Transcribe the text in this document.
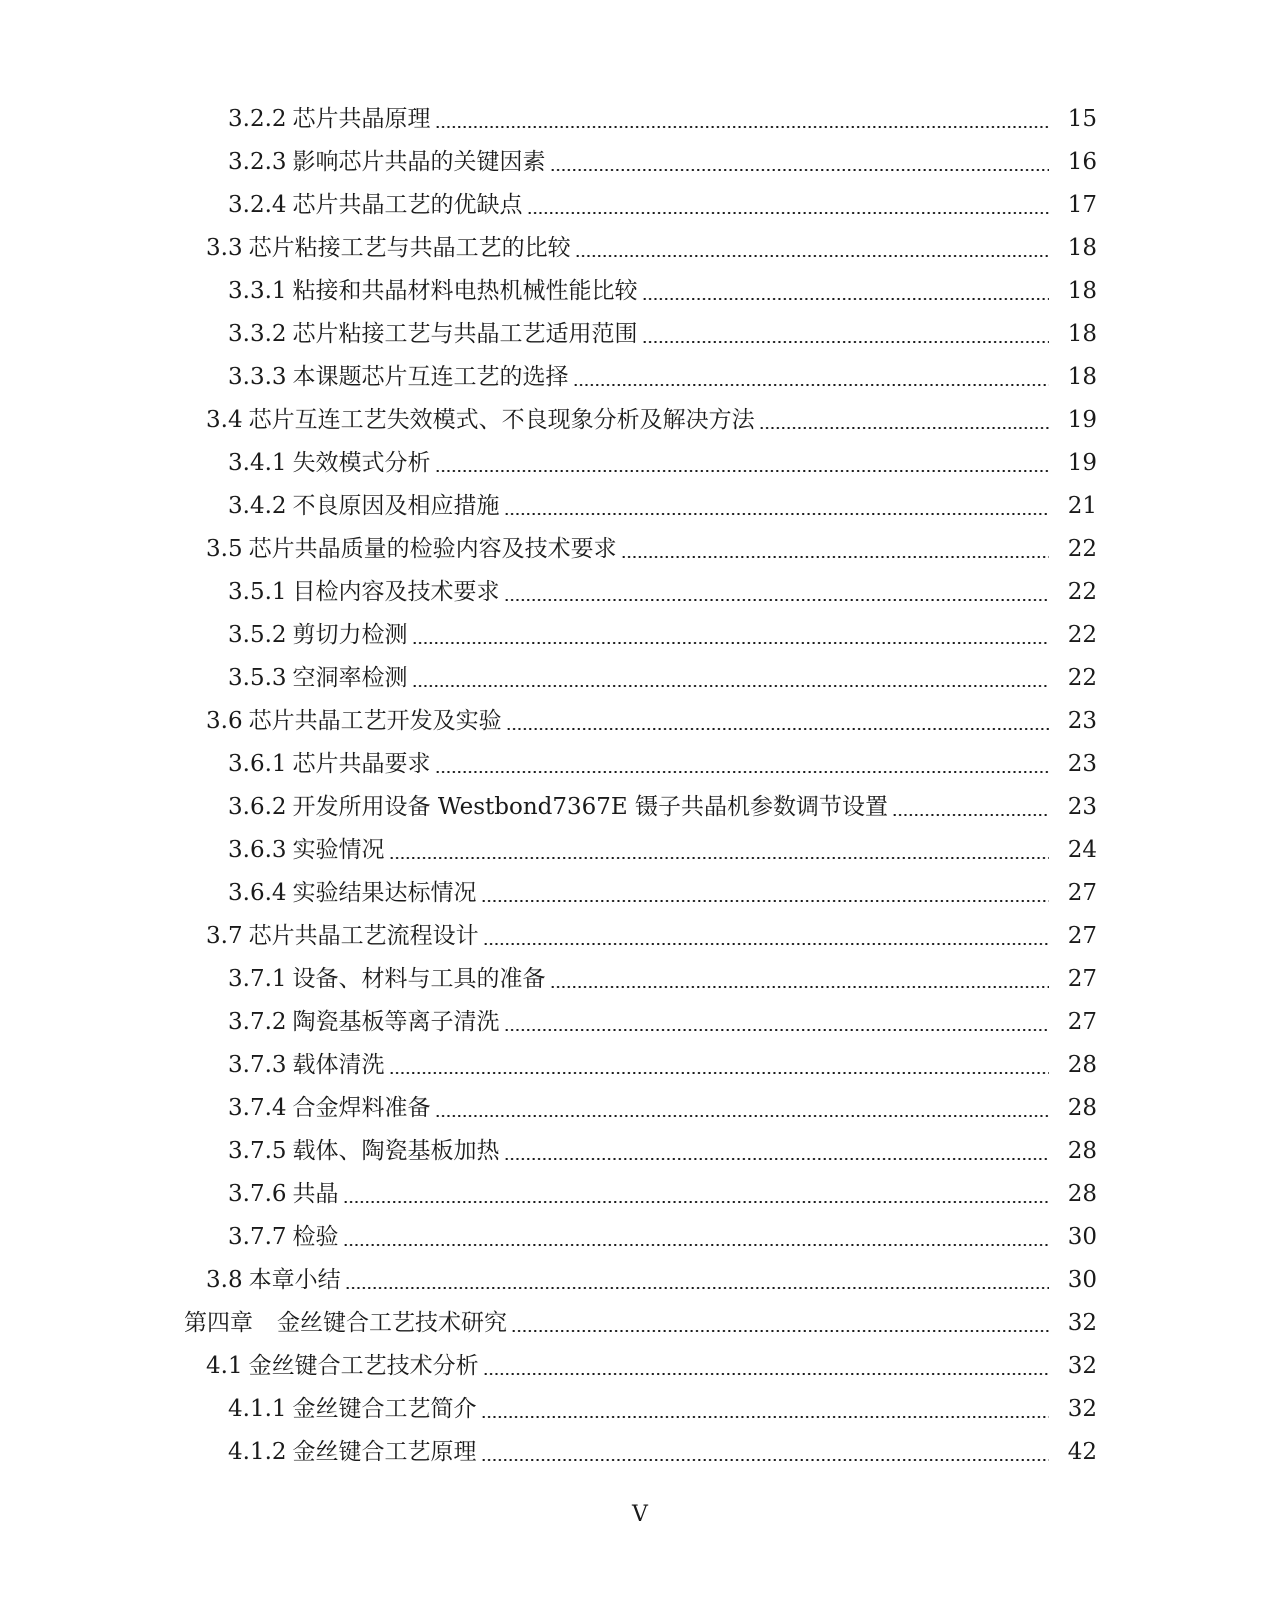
3.2.2 芯片共晶原理	15
3.2.3 影响芯片共晶的关键因素	16
3.2.4 芯片共晶工艺的优缺点	17
3.3 芯片粘接工艺与共晶工艺的比较	18
3.3.1 粘接和共晶材料电热机械性能比较	18
3.3.2 芯片粘接工艺与共晶工艺适用范围	18
3.3.3 本课题芯片互连工艺的选择	18
3.4 芯片互连工艺失效模式、不良现象分析及解决方法	19
3.4.1 失效模式分析	19
3.4.2 不良原因及相应措施	21
3.5 芯片共晶质量的检验内容及技术要求	22
3.5.1 目检内容及技术要求	22
3.5.2 剪切力检测	22
3.5.3 空洞率检测	22
3.6 芯片共晶工艺开发及实验	23
3.6.1 芯片共晶要求	23
3.6.2 开发所用设备 Westbond7367E 镊子共晶机参数调节设置	23
3.6.3 实验情况	24
3.6.4 实验结果达标情况	27
3.7 芯片共晶工艺流程设计	27
3.7.1 设备、材料与工具的准备	27
3.7.2 陶瓷基板等离子清洗	27
3.7.3 载体清洗	28
3.7.4 合金焊料准备	28
3.7.5 载体、陶瓷基板加热	28
3.7.6 共晶	28
3.7.7 检验	30
3.8 本章小结	30
第四章 金丝键合工艺技术研究	32
4.1 金丝键合工艺技术分析	32
4.1.1 金丝键合工艺简介	32
4.1.2 金丝键合工艺原理	42
V
